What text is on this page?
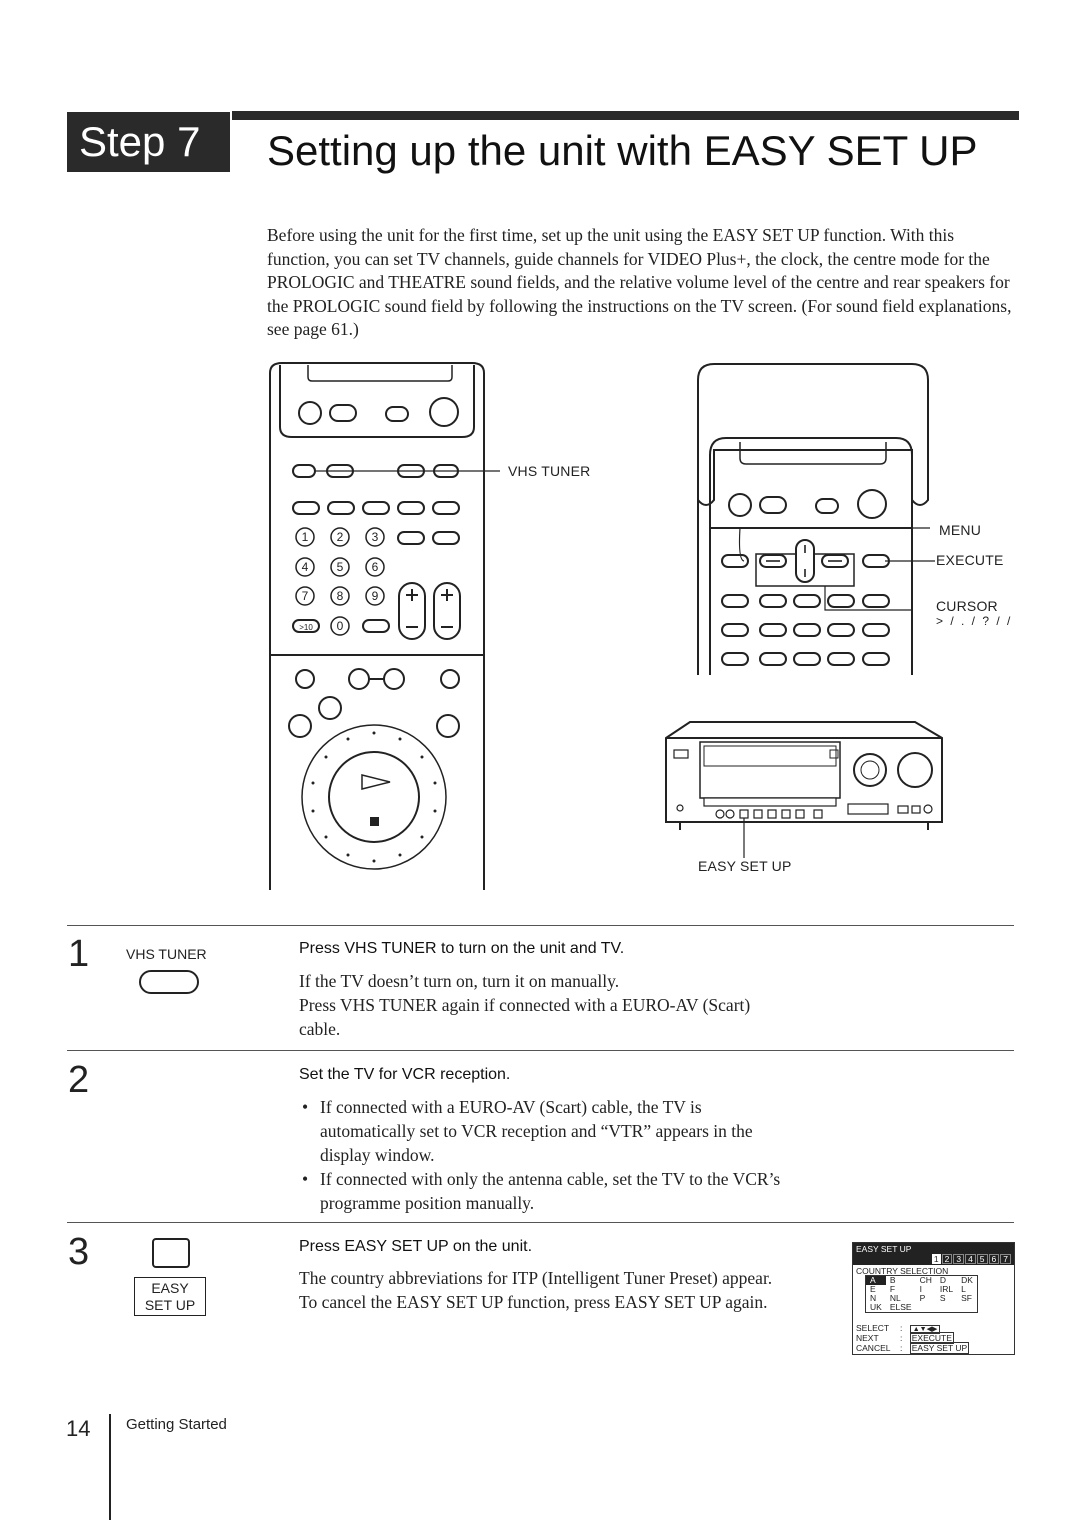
Step 7	Setting up the unit with EASY SET UP
Before using the unit for the first time, set up the unit using the EASY SET UP function. With this function, you can set TV channels, guide channels for VIDEO Plus+, the clock, the centre mode for the PROLOGIC and THEATRE sound fields, and the relative volume level of the centre and rear speakers for the PROLOGIC sound field by following the instructions on the TV screen. (For sound field explanations, see page 61.)
1 2 3
4 5 6
7 8 9
>10 0
VHS TUNER
MENU
EXECUTE
CURSOR
> / . / ? / /
EASY SET UP
1	VHS TUNER	Press VHS TUNER to turn on the unit and TV.
If the TV doesn’t turn on, turn it on manually.
Press VHS TUNER again if connected with a EURO-AV (Scart) cable.
2	Set the TV for VCR reception.
• If connected with a EURO-AV (Scart) cable, the TV is automatically set to VCR reception and “VTR” appears in the display window.
• If connected with only the antenna cable, set the TV to the VCR’s programme position manually.
3
EASY
SET UP
Press EASY SET UP on the unit.
The country abbreviations for ITP (Intelligent Tuner Preset) appear.
To cancel the EASY SET UP function, press EASY SET UP again.
EASY SET UP
1 2 3 4 5 6 7
COUNTRY SELECTION
A	B	CH	D	DK
E	F	I	IRL	L
N	NL	P	S	SF
UK	ELSE			
SELECT : ▲▼◀▶
NEXT	: EXECUTE
CANCEL : EASY SET UP
14 Getting Started
